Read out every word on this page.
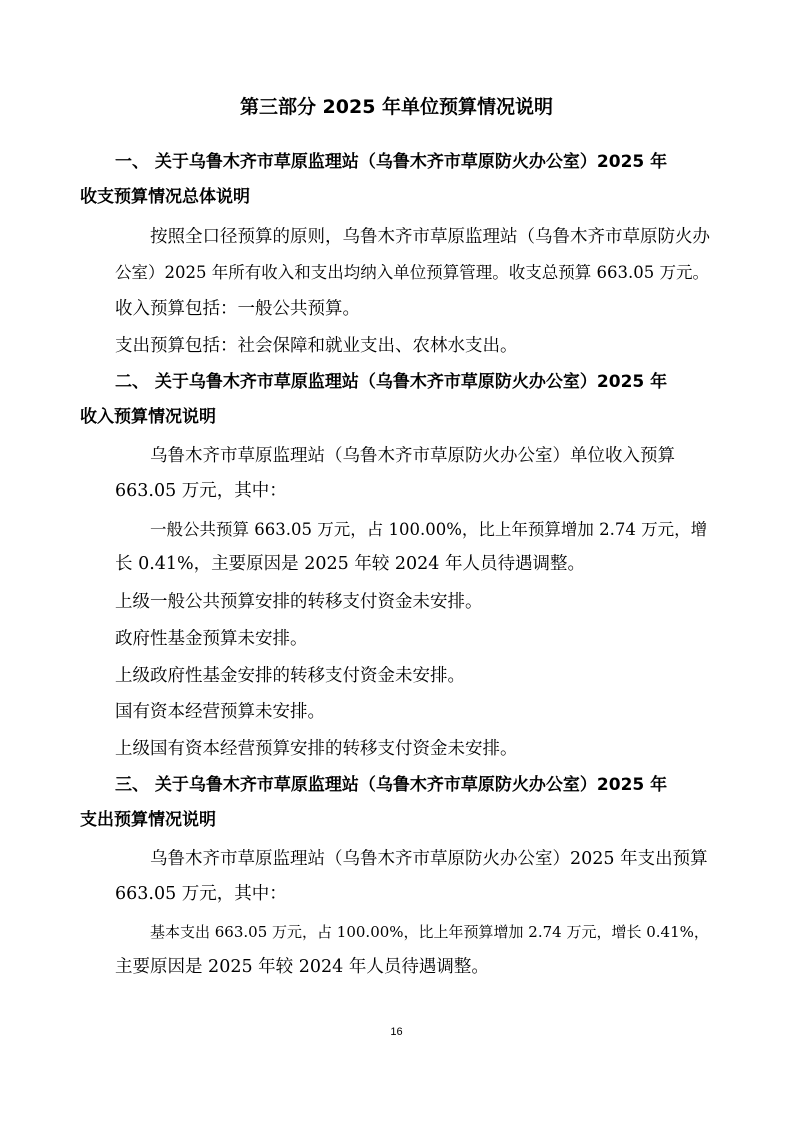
第三部分 2025 年单位预算情况说明
一、 关于乌鲁木齐市草原监理站（乌鲁木齐市草原防火办公室）2025 年
收支预算情况总体说明
按照全口径预算的原则，乌鲁木齐市草原监理站（乌鲁木齐市草原防火办
公室）2025 年所有收入和支出均纳入单位预算管理。收支总预算 663.05 万元。
收入预算包括：一般公共预算。
支出预算包括：社会保障和就业支出、农林水支出。
二、 关于乌鲁木齐市草原监理站（乌鲁木齐市草原防火办公室）2025 年
收入预算情况说明
乌鲁木齐市草原监理站（乌鲁木齐市草原防火办公室）单位收入预算
663.05 万元，其中：
一般公共预算 663.05 万元，占 100.00%，比上年预算增加 2.74 万元，增
长 0.41%，主要原因是 2025 年较 2024 年人员待遇调整。
上级一般公共预算安排的转移支付资金未安排。
政府性基金预算未安排。
上级政府性基金安排的转移支付资金未安排。
国有资本经营预算未安排。
上级国有资本经营预算安排的转移支付资金未安排。
三、 关于乌鲁木齐市草原监理站（乌鲁木齐市草原防火办公室）2025 年
支出预算情况说明
乌鲁木齐市草原监理站（乌鲁木齐市草原防火办公室）2025 年支出预算
663.05 万元，其中：
基本支出 663.05 万元，占 100.00%，比上年预算增加 2.74 万元，增长 0.41%，
主要原因是 2025 年较 2024 年人员待遇调整。
16
